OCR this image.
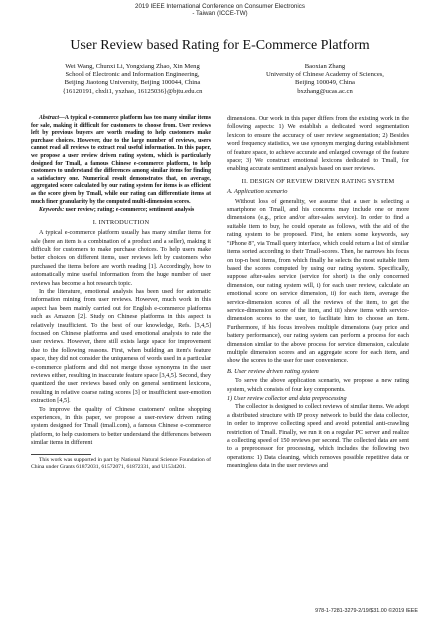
2019 IEEE International Conference on Consumer Electronics
- Taiwan (ICCE-TW)
User Review based Rating for E-Commerce Platform
Wei Wang, Chunxi Li, Yongxiang Zhao, Xin Meng
School of Electronic and Information Engineering,
Beijing Jiaotong University, Beijing 100044, China
{16120191, chxli1, yxzhao, 16125036}@bjtu.edu.cn
Baoxian Zhang
University of Chinese Academy of Sciences,
Beijing 100049, China
bxzhang@ucas.ac.cn

Abstract—A typical e-commerce platform has too many similar items for sale, making it difficult for customers to choose from. User reviews left by previous buyers are worth reading to help customers make purchase choices. However, due to the large number of reviews, users cannot read all reviews to extract real useful information. In this paper, we propose a user review driven rating system, which is particularly designed for Tmall, a famous Chinese e-commerce platform, to help customers to understand the differences among similar items for finding a satisfactory one. Numerical result demonstrates that, on average, aggregated score calculated by our rating system for items is as efficient as the score given by Tmall, while our rating can differentiate items at much finer granularity by the computed multi-dimension scores.

Keywords: user review; rating; e-commerce; sentiment analysis

I. INTRODUCTION

A typical e-commerce platform usually has many similar items for sale (here an item is a combination of a product and a seller), making it difficult for customers to make purchase choices. To help users make better choices on different items, user reviews left by customers who purchased the items before are worth reading [1]. Accordingly, how to automatically mine useful information from the huge number of user reviews has become a hot research topic.

In the literature, emotional analysis has been used for automatic information mining from user reviews. However, much work in this aspect has been mainly carried out for English e-commerce platforms such as Amazon [2]. Study on Chinese platforms in this aspect is relatively insufficient. To the best of our knowledge, Refs. [3,4,5] focused on Chinese platforms and used emotional analysis to rate the user reviews. However, there still exists large space for improvement due to the following reasons. First, when building an item's feature space, they did not consider the uniqueness of words used in a particular e-commerce platform and did not merge those synonyms in the user reviews either, resulting in inaccurate feature space [3,4,5]. Second, they quantized the user reviews based only on general sentiment lexicons, resulting in relative coarse rating scores [3] or insufficient user-emotion extraction [4,5].

To improve the quality of Chinese customers' online shopping experiences, in this paper, we propose a user-review driven rating system designed for Tmall (tmall.com), a famous Chinese e-commerce platform, to help customers to better understand the differences between similar items in different

This work was supported in part by National Natural Science Foundation of China under Grants 61872031, 61572071, 61872331, and U1534201.

dimensions. Our work in this paper differs from the existing work in the following aspects: 1) We establish a dedicated word segmentation lexicon to ensure the accuracy of user review segmentation; 2) Besides word frequency statistics, we use synonym merging during establishment of feature space, to achieve accurate and enlarged coverage of the feature space; 3) We construct emotional lexicons dedicated to Tmall, for enabling accurate sentiment analysis based on user reviews.

II. DESIGN OF REVIEW DRIVEN RATING SYSTEM
A. Application scenario

Without loss of generality, we assume that a user is selecting a smartphone on Tmall, and his concerns may include one or more dimensions (e.g., price and/or after-sales service). In order to find a suitable item to buy, he could operate as follows, with the aid of the rating system to be proposed. First, he enters some keywords, say "iPhone 8", via Tmall query interface, which could return a list of similar items sorted according to their Tmall-scores. Then, he narrows his focus on top-n best items, from which finally he selects the most suitable item based the scores computed by using our rating system. Specifically, suppose after-sales service (service for short) is the only concerned dimension, our rating system will, i) for each user review, calculate an emotional score on service dimension, ii) for each item, average the service-dimension scores of all the reviews of the item, to get the service-dimension score of the item, and iii) show items with service-dimension scores to the user, to facilitate him to choose an item. Furthermore, if his focus involves multiple dimensions (say price and battery performance), our rating system can perform a process for each dimension similar to the above process for service dimension, calculate multiple dimension scores and an aggregate score for each item, and show the scores to the user for user convenience.

B. User review driven rating system

To serve the above application scenario, we propose a new rating system, which consists of four key components.

1) User review collector and data preprocessing

The collector is designed to collect reviews of similar items. We adopt a distributed structure with IP proxy network to build the data collector, in order to improve collecting speed and avoid potential anti-crawling restriction of Tmall. Finally, we run it on a regular PC server and realize a collecting speed of 150 reviews per second. The collected data are sent to a preprocessor for processing, which includes the following two operations: 1) Data cleaning, which removes possible repetitive data or meaningless data in the user reviews and

978-1-7281-3279-2/19/$31.00 ©2019 IEEE
